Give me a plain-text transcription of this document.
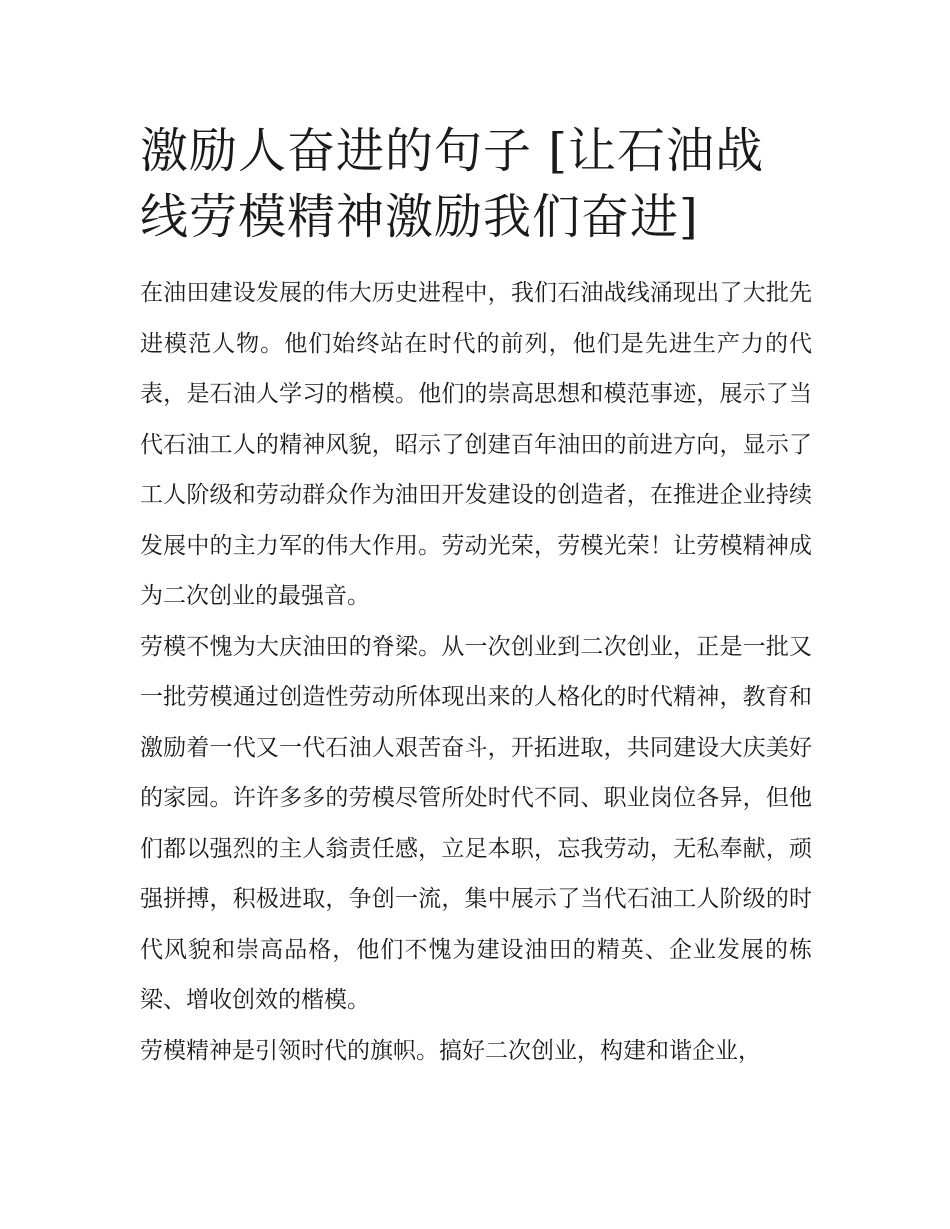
激励人奋进的句子 [让石油战线劳模精神激励我们奋进]

在油田建设发展的伟大历史进程中，我们石油战线涌现出了大批先进模范人物。他们始终站在时代的前列，他们是先进生产力的代表，是石油人学习的楷模。他们的崇高思想和模范事迹，展示了当代石油工人的精神风貌，昭示了创建百年油田的前进方向，显示了工人阶级和劳动群众作为油田开发建设的创造者，在推进企业持续发展中的主力军的伟大作用。劳动光荣，劳模光荣！让劳模精神成为二次创业的最强音。

劳模不愧为大庆油田的脊梁。从一次创业到二次创业，正是一批又一批劳模通过创造性劳动所体现出来的人格化的时代精神，教育和激励着一代又一代石油人艰苦奋斗，开拓进取，共同建设大庆美好的家园。许许多多的劳模尽管所处时代不同、职业岗位各异，但他们都以强烈的主人翁责任感，立足本职，忘我劳动，无私奉献，顽强拼搏，积极进取，争创一流，集中展示了当代石油工人阶级的时代风貌和崇高品格，他们不愧为建设油田的精英、企业发展的栋梁、增收创效的楷模。

劳模精神是引领时代的旗帜。搞好二次创业，构建和谐企业，
